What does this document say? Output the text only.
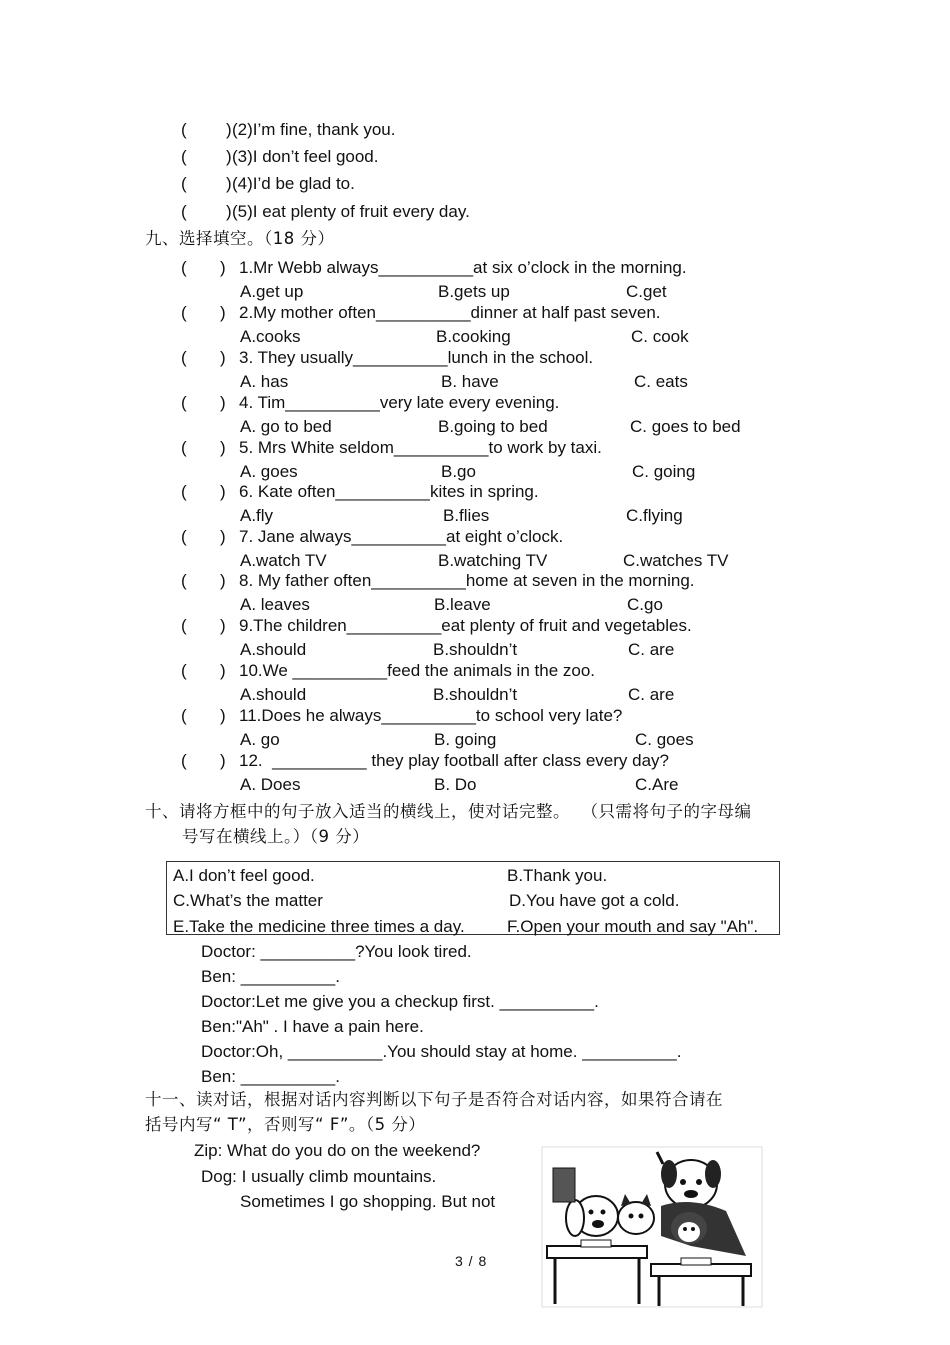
( ) (2)I’m fine, thank you.
( ) (3)I don’t feel good.
( ) (4)I’d be glad to.
( ) (5)I eat plenty of fruit every day.
九、选择填空。（18 分）
( ) 1.Mr Webb always__________at six o’clock in the morning.
A.get up	B.gets up	C.get
( ) 2.My mother often__________dinner at half past seven.
A.cooks	B.cooking	C. cook
( ) 3. They usually__________lunch in the school.
A. has	B. have	C. eats
( ) 4. Tim__________very late every evening.
A. go to bed	B.going to bed	C. goes to bed
( ) 5. Mrs White seldom__________to work by taxi.
A. goes	B.go	C. going
( ) 6. Kate often__________kites in spring.
A.fly	B.flies	C.flying
( ) 7. Jane always__________at eight o’clock.
A.watch TV	B.watching TV	C.watches TV
( ) 8. My father often__________home at seven in the morning.
A. leaves	B.leave	C.go
( ) 9.The children__________eat plenty of fruit and vegetables.
A.should	B.shouldn’t	C. are
( ) 10.We __________feed the animals in the zoo.
A.should	B.shouldn’t	C. are
( ) 11.Does he always__________to school very late?
A. go	B. going	C. goes
( ) 12.  __________ they play football after class every day?
A. Does	B. Do	C.Are
十、请将方框中的句子放入适当的横线上，使对话完整。  （只需将句子的字母编
号写在横线上。）（9 分）
A.I don’t feel good.	B.Thank you.
C.What’s the matter	D.You have got a cold.
E.Take the medicine three times a day. F.Open your mouth and say "Ah".
Doctor: __________?You look tired.
Ben: __________.
Doctor:Let me give you a checkup first. __________.
Ben:"Ah" . I have a pain here.
Doctor:Oh, __________.You should stay at home. __________.
Ben: __________.
十一、读对话，根据对话内容判断以下句子是否符合对话内容，如果符合请在
括号内写“ T”，否则写“ F”。（5 分）
Zip: What do you do on the weekend?
Dog: I usually climb mountains.
Sometimes I go shopping. But not
3 / 8
